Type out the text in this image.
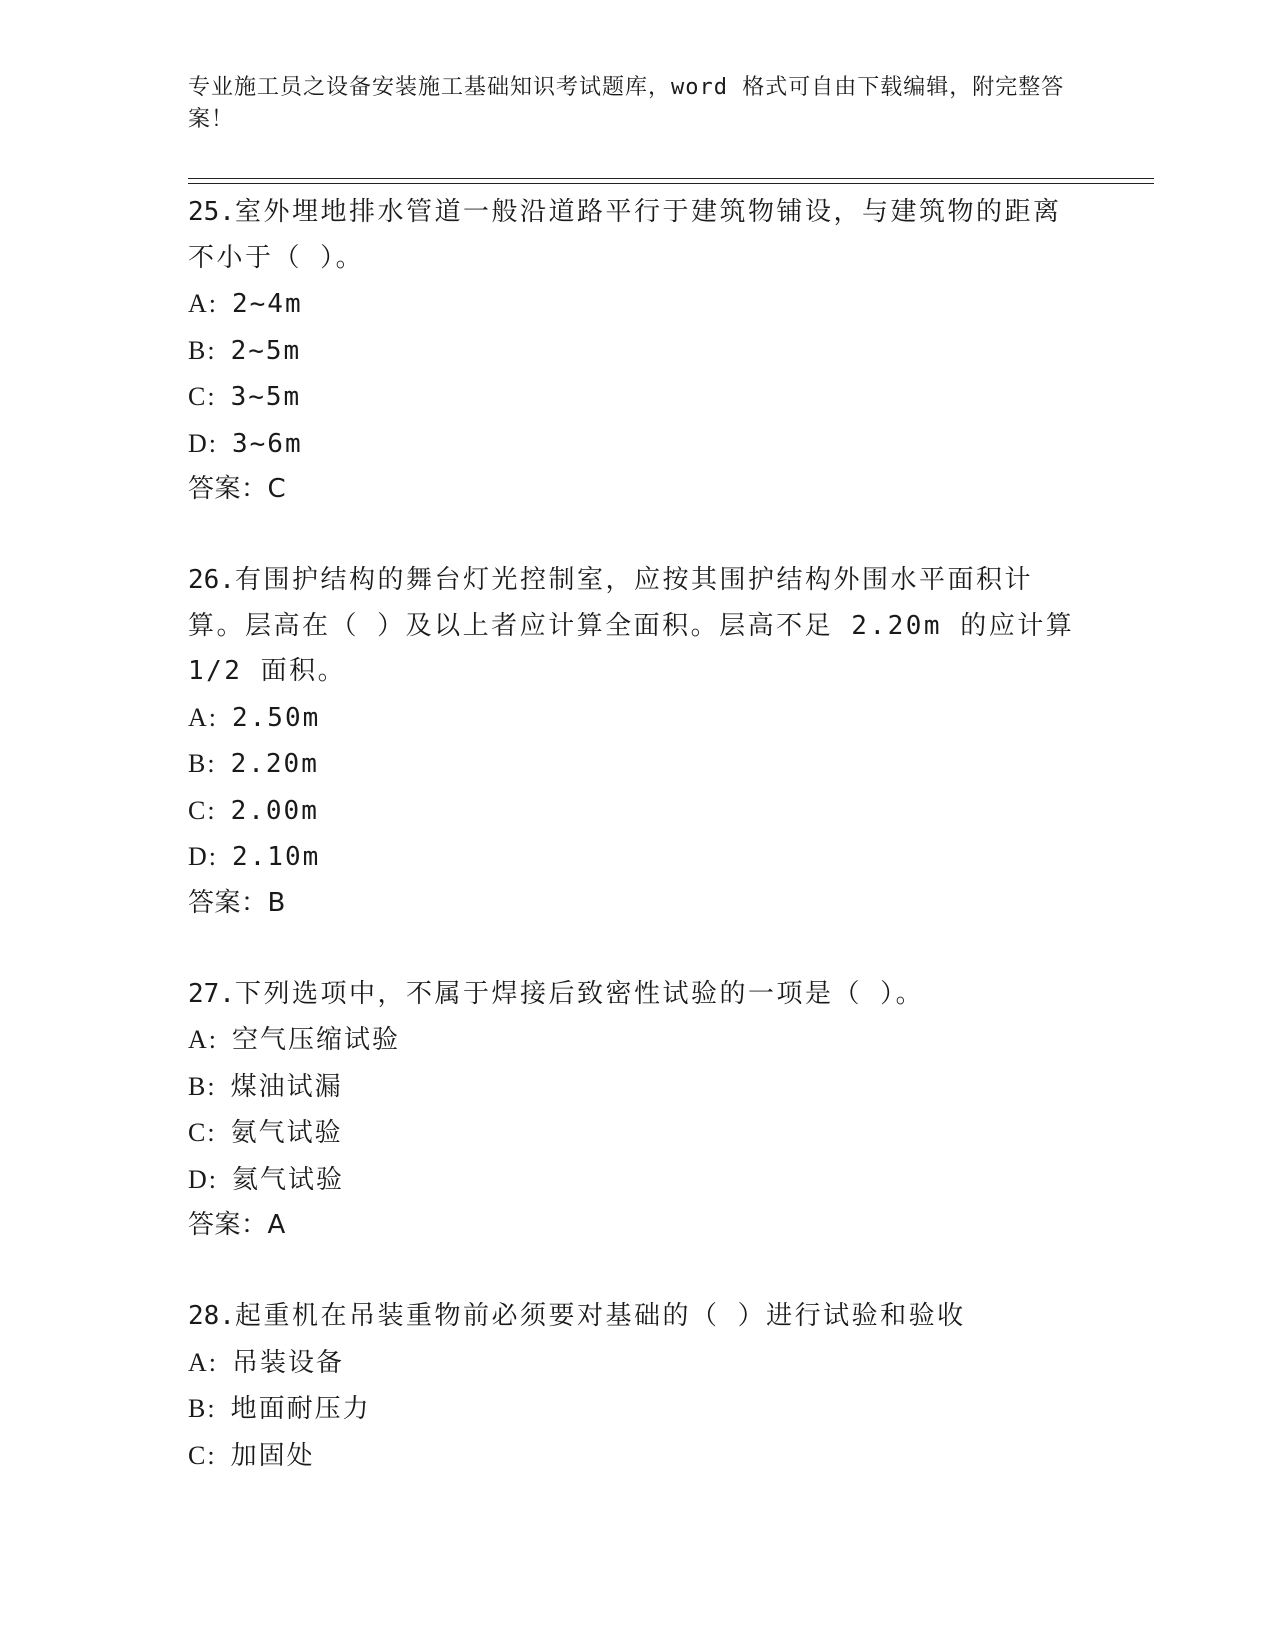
专业施工员之设备安装施工基础知识考试题库，word 格式可自由下载编辑，附完整答案！
25.室外埋地排水管道一般沿道路平行于建筑物铺设，与建筑物的距离不小于（ ）。
A: 2~4m
B: 2~5m
C: 3~5m
D: 3~6m
答案：C
26.有围护结构的舞台灯光控制室，应按其围护结构外围水平面积计算。层高在（ ）及以上者应计算全面积。层高不足 2.20m 的应计算 1/2 面积。
A: 2.50m
B: 2.20m
C: 2.00m
D: 2.10m
答案：B
27.下列选项中，不属于焊接后致密性试验的一项是（ ）。
A: 空气压缩试验
B: 煤油试漏
C: 氨气试验
D: 氦气试验
答案：A
28.起重机在吊装重物前必须要对基础的（ ）进行试验和验收
A: 吊装设备
B: 地面耐压力
C: 加固处
